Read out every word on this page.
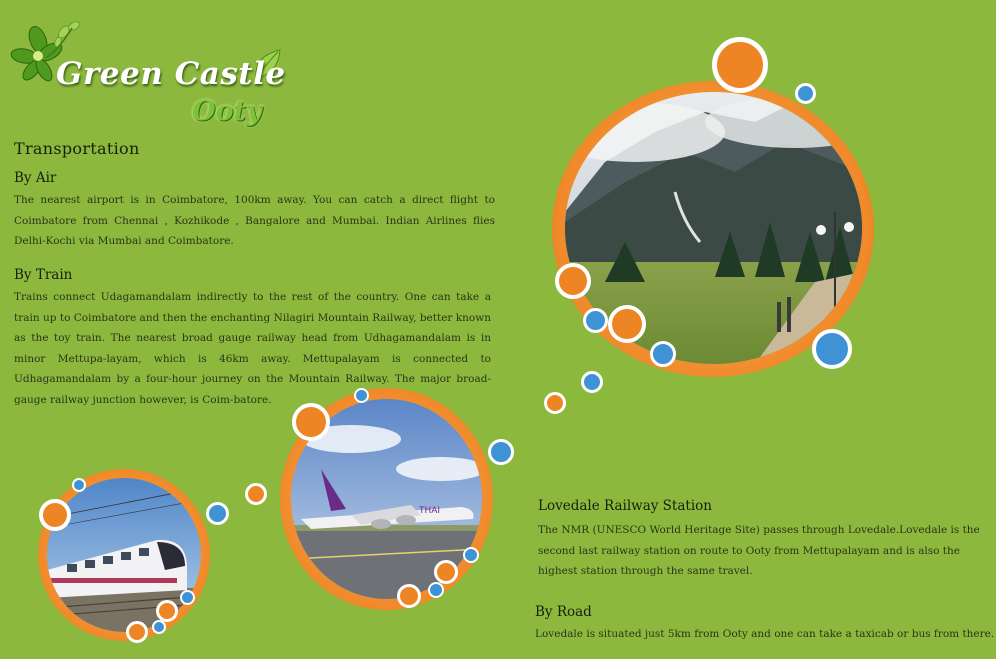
Green Castle
Ooty
Transportation
By Air
The nearest airport is in Coimbatore, 100km away. You can catch a direct flight to Coimbatore from Chennai , Kozhikode , Bangalore and Mumbai. Indian Airlines flies Delhi-Kochi via Mumbai and Coimbatore.
By Train
Trains connect Udagamandalam indirectly to the rest of the country. One can take a train up to Coimbatore and then the enchanting Nilagiri Mountain Railway, better known as the toy train. The nearest broad gauge railway head from Udhagamandalam is in minor Mettupa-layam, which is 46km away. Mettupalayam is connected to Udhagamandalam by a four-hour journey on the Mountain Railway. The major broad-gauge railway junction however, is Coim-batore.
Lovedale Railway Station
The NMR (UNESCO World Heritage Site) passes through Lovedale.Lovedale is the second last railway station on route to Ooty from Mettupalayam and is also the highest station through the same travel.
By Road
Lovedale is situated just 5km from Ooty and one can take a taxicab or bus from there.
THAI
